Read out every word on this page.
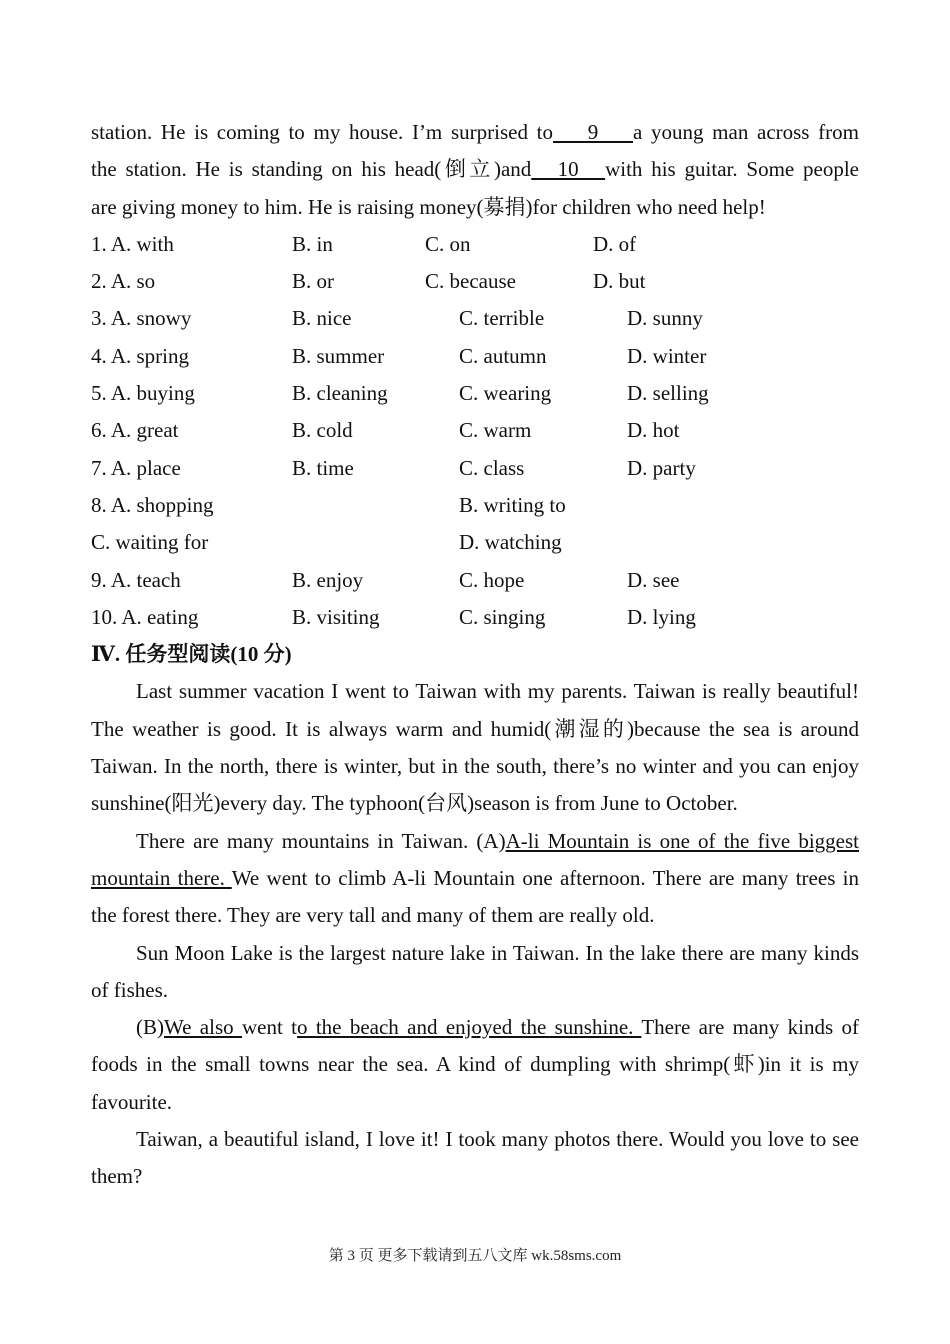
station. He is coming to my house. I’m surprised to    9    a young man across from
the station. He is standing on his head(倒立)and   10   with his guitar. Some people
are giving money to him. He is raising money(募捐)for children who need help!
1. A. with	B. in	C. on	D. of
2. A. so	B. or	C. because	D. but
3. A. snowy	B. nice	C. terrible	D. sunny
4. A. spring	B. summer	C. autumn	D. winter
5. A. buying	B. cleaning	C. wearing	D. selling
6. A. great	B. cold	C. warm	D. hot
7. A. place	B. time	C. class	D. party
8. A. shopping	B. writing to
C. waiting for	D. watching
9. A. teach	B. enjoy	C. hope	D. see
10. A. eating	B. visiting	C. singing	D. lying
Ⅳ. 任务型阅读(10 分)
Last summer vacation I went to Taiwan with my parents. Taiwan is really beautiful! The weather is good. It is always warm and humid(潮湿的)because the sea is around Taiwan. In the north, there is winter, but in the south, there’s no winter and you can enjoy sunshine(阳光)every day. The typhoon(台风)season is from June to October.
There are many mountains in Taiwan. (A)A-li Mountain is one of the five biggest mountain there. We went to climb A-li Mountain one afternoon. There are many trees in the forest there. They are very tall and many of them are really old.
Sun Moon Lake is the largest nature lake in Taiwan. In the lake there are many kinds of fishes.
(B)We also went to the beach and enjoyed the sunshine. There are many kinds of foods in the small towns near the sea. A kind of dumpling with shrimp(虾)in it is my favourite.
Taiwan, a beautiful island, I love it! I took many photos there. Would you love to see them?
第 3 页 更多下载请到五八文库 wk.58sms.com
